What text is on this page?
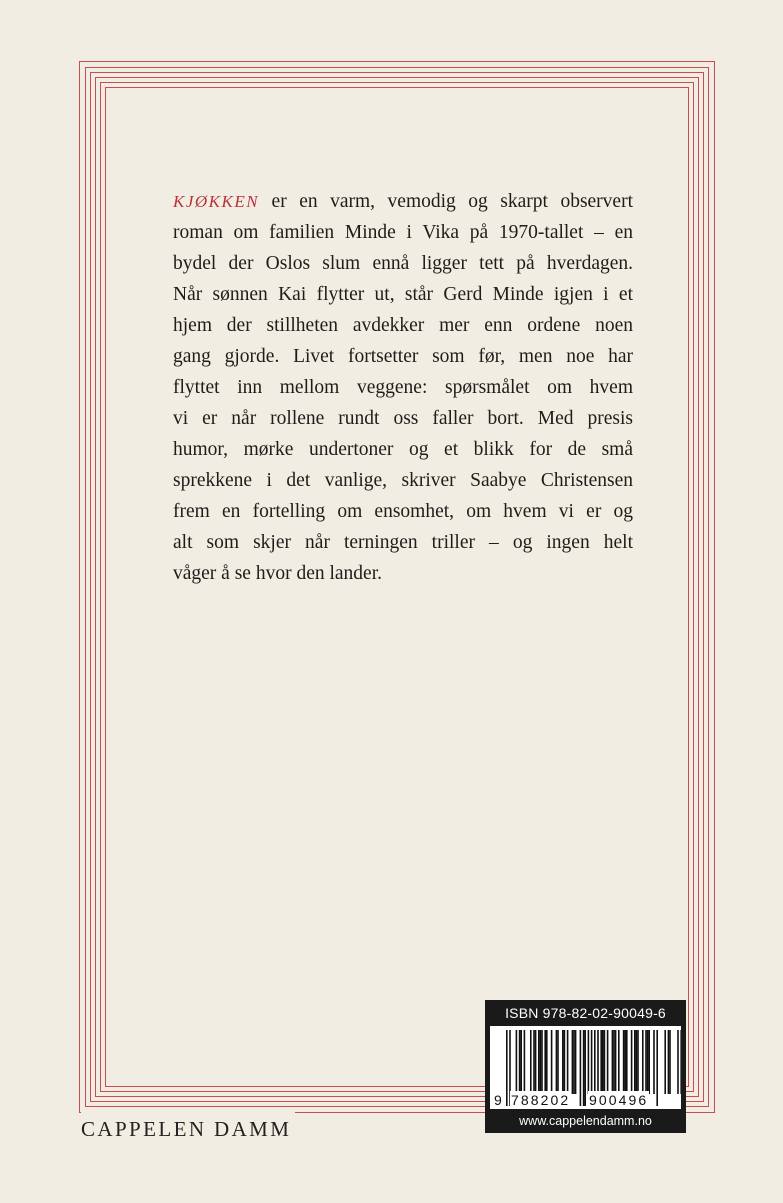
KJØKKEN er en varm, vemodig og skarpt observert
roman om familien Minde i Vika på 1970-tallet – en
bydel der Oslos slum ennå ligger tett på hverdagen.
Når sønnen Kai flytter ut, står Gerd Minde igjen i et
hjem der stillheten avdekker mer enn ordene noen
gang gjorde. Livet fortsetter som før, men noe har
flyttet inn mellom veggene: spørsmålet om hvem
vi er når rollene rundt oss faller bort. Med presis
humor, mørke undertoner og et blikk for de små
sprekkene i det vanlige, skriver Saabye Christensen
frem en fortelling om ensomhet, om hvem vi er og
alt som skjer når terningen triller – og ingen helt
våger å se hvor den lander.
CAPPELEN DAMM
ISBN 978-82-02-90049-6
9 788202 900496
www.cappelendamm.no
